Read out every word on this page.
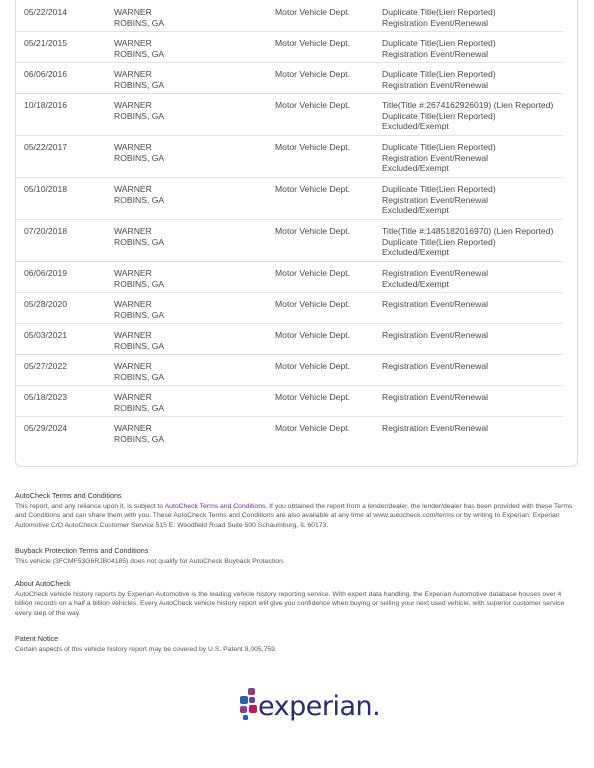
05/22/2014	WARNER
ROBINS, GA
Motor Vehicle Dept.	Duplicate Title(Lien Reported)
Registration Event/Renewal
05/21/2015	WARNER
ROBINS, GA
Motor Vehicle Dept.	Duplicate Title(Lien Reported)
Registration Event/Renewal
06/06/2016	WARNER
ROBINS, GA
Motor Vehicle Dept.	Duplicate Title(Lien Reported)
Registration Event/Renewal
10/18/2016	WARNER
ROBINS, GA
Motor Vehicle Dept.	Title(Title #:2674162926019) (Lien Reported)
Duplicate Title(Lien Reported)
Excluded/Exempt
05/22/2017	WARNER
ROBINS, GA
Motor Vehicle Dept.	Duplicate Title(Lien Reported)
Registration Event/Renewal
Excluded/Exempt
05/10/2018	WARNER
ROBINS, GA
Motor Vehicle Dept.	Duplicate Title(Lien Reported)
Registration Event/Renewal
Excluded/Exempt
07/20/2018	WARNER
ROBINS, GA
Motor Vehicle Dept.	Title(Title #:1485182016970) (Lien Reported)
Duplicate Title(Lien Reported)
Excluded/Exempt
06/06/2019	WARNER
ROBINS, GA
Motor Vehicle Dept.	Registration Event/Renewal
Excluded/Exempt
05/28/2020	WARNER
ROBINS, GA
Motor Vehicle Dept.	Registration Event/Renewal
05/03/2021	WARNER
ROBINS, GA
Motor Vehicle Dept.	Registration Event/Renewal
05/27/2022	WARNER
ROBINS, GA
Motor Vehicle Dept.	Registration Event/Renewal
05/18/2023	WARNER
ROBINS, GA
Motor Vehicle Dept.	Registration Event/Renewal
05/29/2024	WARNER
ROBINS, GA
Motor Vehicle Dept.	Registration Event/Renewal
AutoCheck Terms and Conditions
This report, and any reliance upon it, is subject to AutoCheck Terms and Conditions. If you obtained the report from a lender/dealer, the lender/dealer has been provided with these Terms and Conditions and can share them with you. These AutoCheck Terms and Conditions are also available at any time at www.autocheck.com/terms or by writing to Experian: Experian Automotive C/O AutoCheck Customer Service 515 E. Woodfield Road Suite 500 Schaumburg, IL 60173.
Buyback Protection Terms and Conditions
This vehicle (3FCMF53G6RJB04185) does not qualify for AutoCheck Buyback Protection.
About AutoCheck
AutoCheck vehicle history reports by Experian Automotive is the leading vehicle history reporting service. With expert data handling, the Experian Automotive database houses over 4 billion records on a half a billion vehicles. Every AutoCheck vehicle history report will give you confidence when buying or selling your next used vehicle, with superior customer service every step of the way.
Patent Notice
Certain aspects of this vehicle history report may be covered by U.S. Patent 8,005,759.
experian.
